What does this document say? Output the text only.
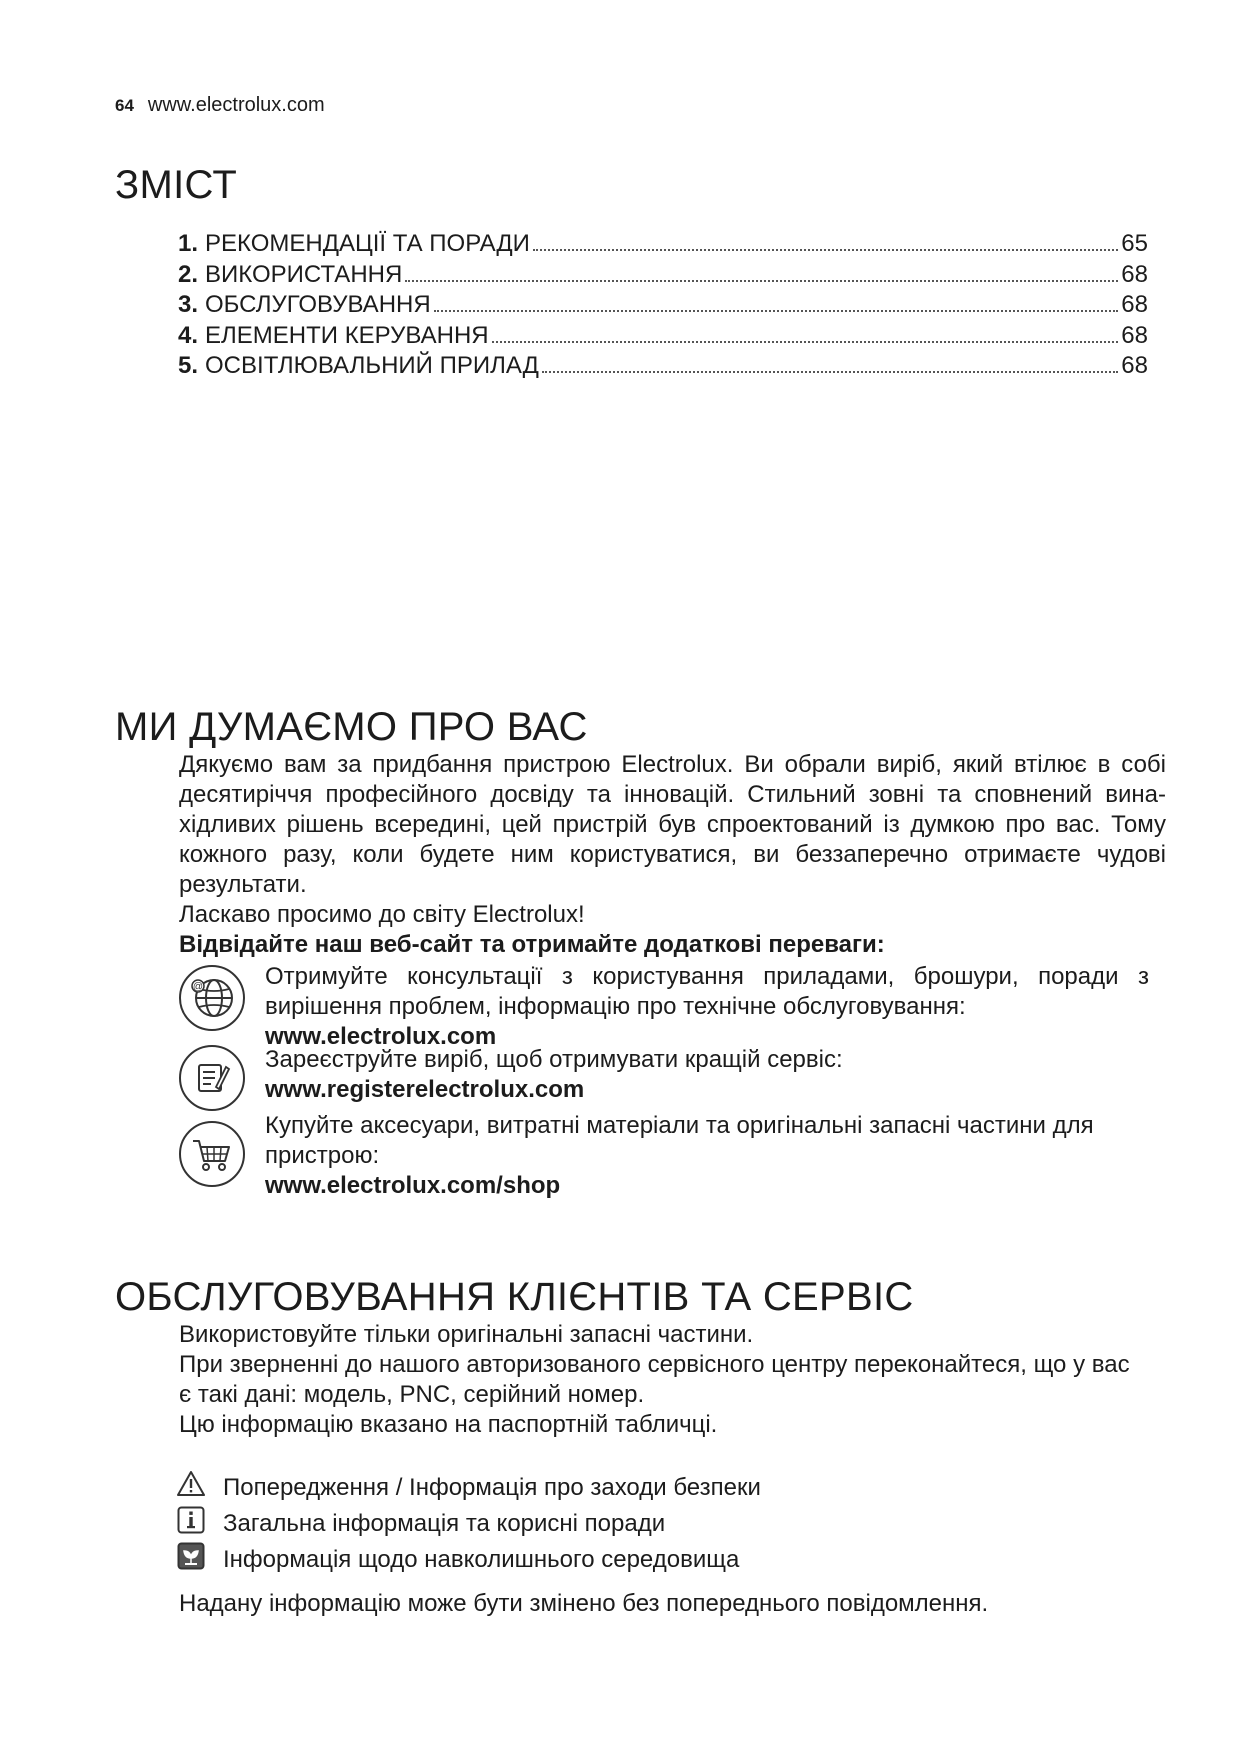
64 www.electrolux.com
ЗМІСТ
1. РЕКОМЕНДАЦІЇ ТА ПОРАДИ	65
2. ВИКОРИСТАННЯ	68
3. ОБСЛУГОВУВАННЯ	68
4. ЕЛЕМЕНТИ КЕРУВАННЯ	68
5. ОСВІТЛЮВАЛЬНИЙ ПРИЛАД	68
МИ ДУМАЄМО ПРО ВАС
Дякуємо вам за придбання пристрою Electrolux. Ви обрали виріб, який втілює в собі
десятиріччя професійного досвіду та інновацій. Стильний зовні та сповнений вина-
хідливих рішень всередині, цей пристрій був спроектований із думкою про вас. Тому
кожного разу, коли будете ним користуватися, ви беззаперечно отримаєте чудові
результати.
Ласкаво просимо до світу Electrolux!
Відвідайте наш веб-сайт та отримайте додаткові переваги:
@	Отримуйте консультації з користування приладами, брошури, поради з
вирішення проблем, інформацію про технічне обслуговування:
www.electrolux.com
Зареєструйте виріб, щоб отримувати кращій сервіс:
www.registerelectrolux.com
Купуйте аксесуари, витратні матеріали та оригінальні запасні частини для
пристрою:
www.electrolux.com/shop
ОБСЛУГОВУВАННЯ КЛІЄНТІВ ТА СЕРВІС
Використовуйте тільки оригінальні запасні частини.
При зверненні до нашого авторизованого сервісного центру переконайтеся, що у вас
є такі дані: модель, PNC, серійний номер.
Цю інформацію вказано на паспортній табличці.
Попередження / Інформація про заходи безпеки
Загальна інформація та корисні поради
Інформація щодо навколишнього середовища
Надану інформацію може бути змінено без попереднього повідомлення.
